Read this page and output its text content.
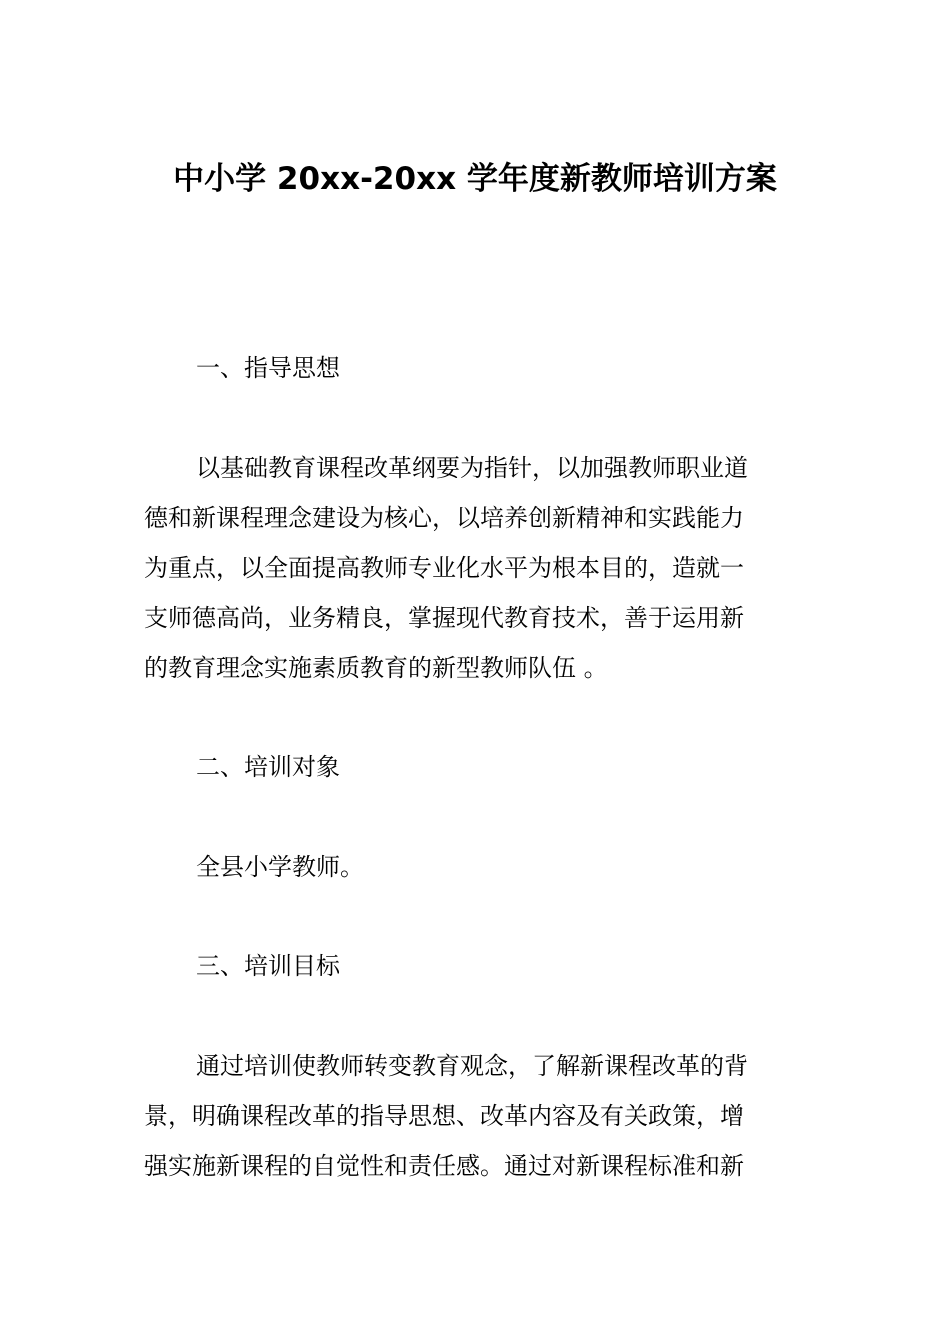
中小学 20xx-20xx 学年度新教师培训方案
一、指导思想
以基础教育课程改革纲要为指针，以加强教师职业道
德和新课程理念建设为核心，以培养创新精神和实践能力
为重点，以全面提高教师专业化水平为根本目的，造就一
支师德高尚，业务精良，掌握现代教育技术，善于运用新
的教育理念实施素质教育的新型教师队伍 。
二、培训对象
全县小学教师。
三、培训目标
通过培训使教师转变教育观念，了解新课程改革的背
景，明确课程改革的指导思想、改革内容及有关政策，增
强实施新课程的自觉性和责任感。通过对新课程标准和新
